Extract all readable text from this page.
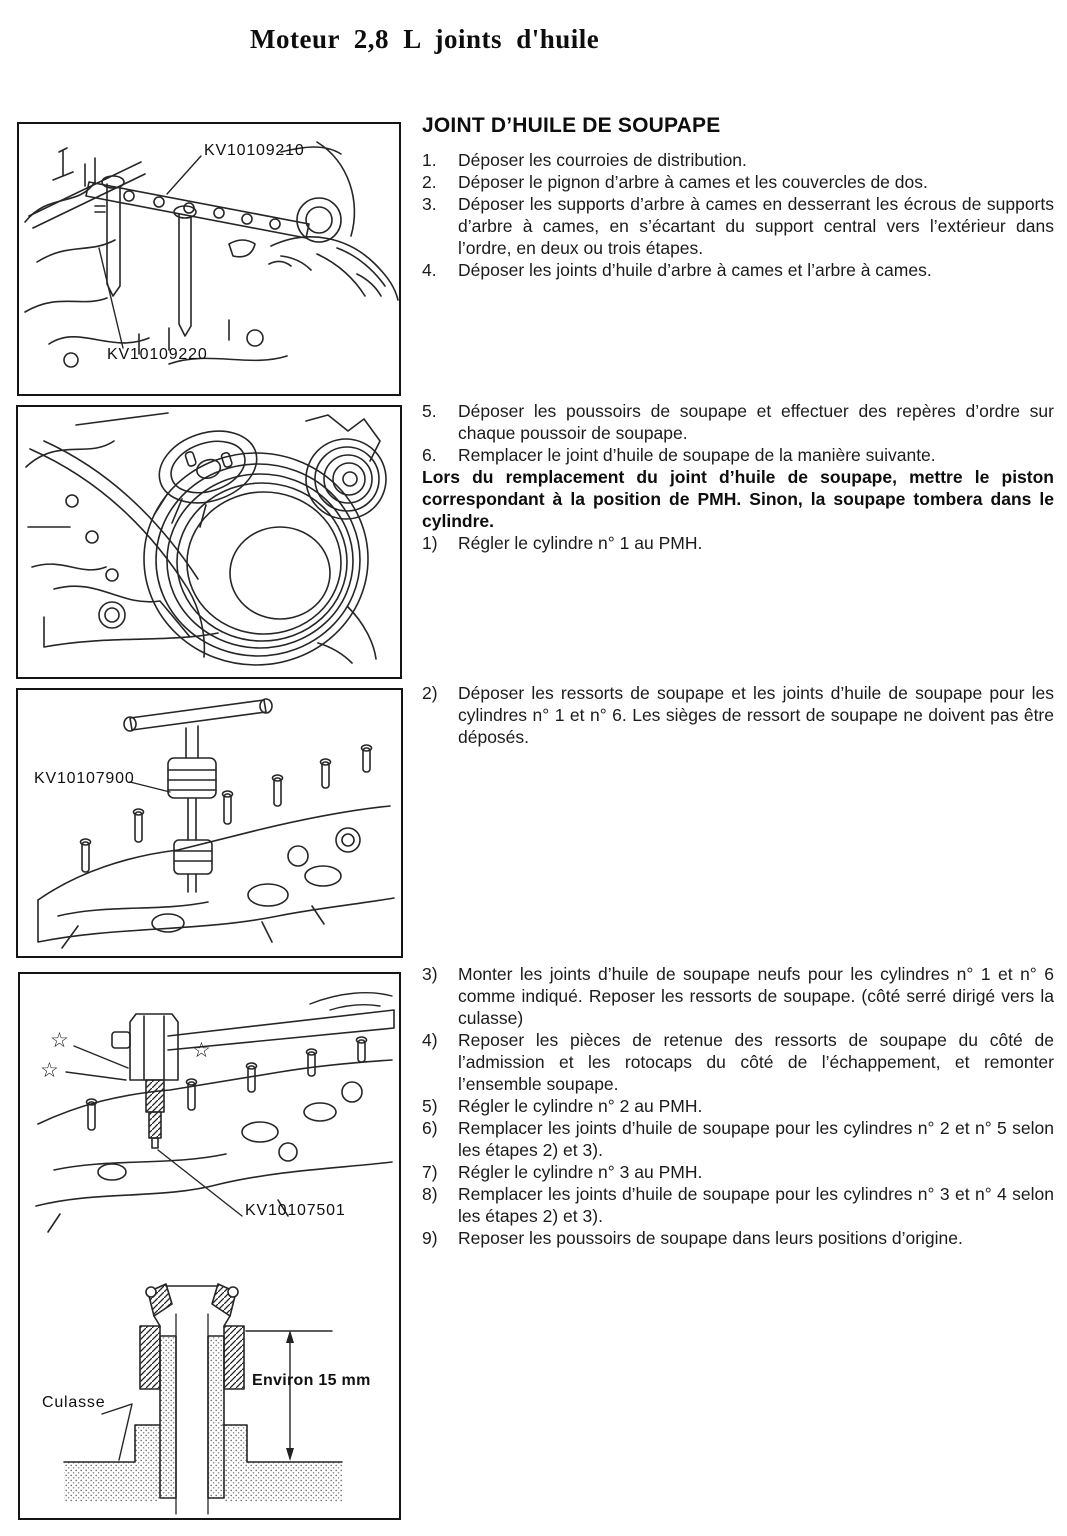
Moteur 2,8 L joints d'huile
KV10109210
KV10109220
KV10107900
☆
☆
☆
KV10107501
Culasse
Environ 15 mm
JOINT D’HUILE DE SOUPAPE
1.	Déposer les courroies de distribution.
2.	Déposer le pignon d’arbre à cames et les couvercles de dos.
3.	Déposer les supports d’arbre à cames en desserrant les écrous de supports d’arbre à cames, en s’écartant du support central vers l’extérieur dans l’ordre, en deux ou trois étapes.
4.	Déposer les joints d’huile d’arbre à cames et l’arbre à cames.
5.	Déposer les poussoirs de soupape et effectuer des repères d’ordre sur chaque poussoir de soupape.
6.	Remplacer le joint d’huile de soupape de la manière suivante.
Lors du remplacement du joint d’huile de soupape, mettre le piston correspondant à la position de PMH. Sinon, la soupape tombera dans le cylindre.
1)	Régler le cylindre n° 1 au PMH.
2)	Déposer les ressorts de soupape et les joints d’huile de soupape pour les cylindres n° 1 et n° 6. Les sièges de ressort de soupape ne doivent pas être déposés.
3)	Monter les joints d’huile de soupape neufs pour les cylindres n° 1 et n° 6 comme indiqué. Reposer les ressorts de soupape. (côté serré dirigé vers la culasse)
4)	Reposer les pièces de retenue des ressorts de soupape du côté de l’admission et les rotocaps du côté de l’échappement, et remonter l’ensemble soupape.
5)	Régler le cylindre n° 2 au PMH.
6)	Remplacer les joints d’huile de soupape pour les cylindres n° 2 et n° 5 selon les étapes 2) et 3).
7)	Régler le cylindre n° 3 au PMH.
8)	Remplacer les joints d’huile de soupape pour les cylindres n° 3 et n° 4 selon les étapes 2) et 3).
9)	Reposer les poussoirs de soupape dans leurs positions d’origine.
